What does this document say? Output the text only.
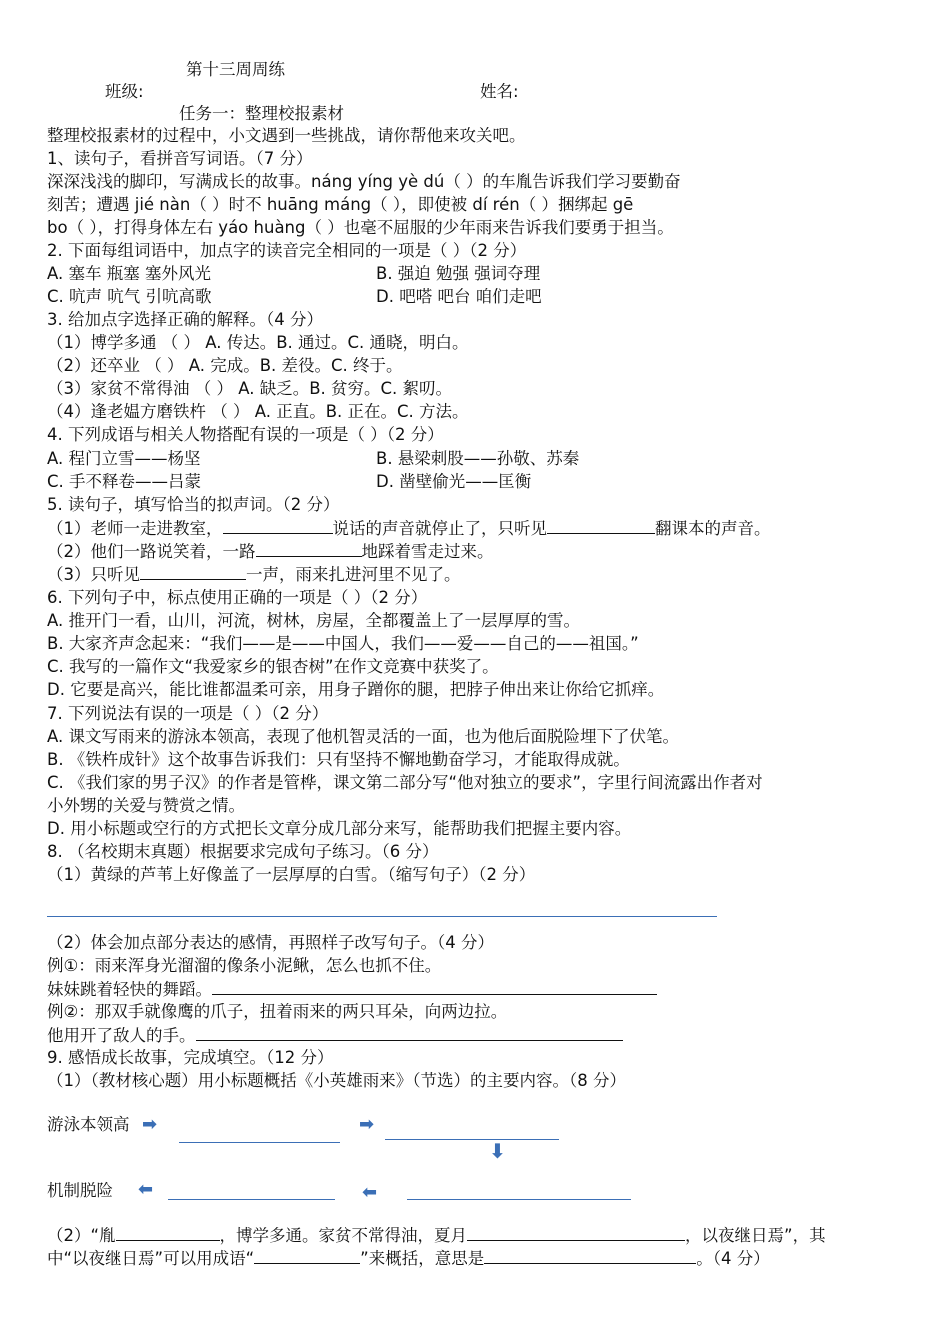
第十三周周练
班级:	姓名:
任务一：整理校报素材
整理校报素材的过程中，小文遇到一些挑战，请你帮他来攻关吧。
1、读句子，看拼音写词语。（7 分）
深深浅浅的脚印，写满成长的故事。náng yíng yè dú（ ）的车胤告诉我们学习要勤奋
刻苦；遭遇 jié nàn（ ）时不 huāng máng（ ），即使被 dí rén（ ）捆绑起 gē
bo（ ），打得身体左右 yáo huàng（ ）也毫不屈服的少年雨来告诉我们要勇于担当。
2. 下面每组词语中，加点字的读音完全相同的一项是（ ）（2 分）
A. 塞车 瓶塞 塞外风光	B. 强迫 勉强 强词夺理
C. 吭声 吭气 引吭高歌	D. 吧嗒 吧台 咱们走吧
3. 给加点字选择正确的解释。（4 分）
（1）博学多通 （ ） A. 传达。B. 通过。C. 通晓，明白。
（2）还卒业 （ ） A. 完成。B. 差役。C. 终于。
（3）家贫不常得油 （ ） A. 缺乏。B. 贫穷。C. 絮叨。
（4）逢老媪方磨铁杵 （ ） A. 正直。B. 正在。C. 方法。
4. 下列成语与相关人物搭配有误的一项是（ ）（2 分）
A. 程门立雪——杨坚	B. 悬梁刺股——孙敬、苏秦
C. 手不释卷——吕蒙	D. 凿壁偷光——匡衡
5. 读句子，填写恰当的拟声词。（2 分）
（1）老师一走进教室，	说话的声音就停止了，只听见	翻课本的声音。
（2）他们一路说笑着，一路	地踩着雪走过来。
（3）只听见	一声，雨来扎进河里不见了。
6. 下列句子中，标点使用正确的一项是（ ）（2 分）
A. 推开门一看，山川，河流，树林，房屋，全都覆盖上了一层厚厚的雪。
B. 大家齐声念起来：“我们——是——中国人，我们——爱——自己的——祖国。”
C. 我写的一篇作文“我爱家乡的银杏树”在作文竞赛中获奖了。
D. 它要是高兴，能比谁都温柔可亲，用身子蹭你的腿，把脖子伸出来让你给它抓痒。
7. 下列说法有误的一项是（ ）（2 分）
A. 课文写雨来的游泳本领高，表现了他机智灵活的一面，也为他后面脱险埋下了伏笔。
B. 《铁杵成针》这个故事告诉我们：只有坚持不懈地勤奋学习，才能取得成就。
C. 《我们家的男子汉》的作者是管桦，课文第二部分写“他对独立的要求”，字里行间流露出作者对
小外甥的关爱与赞赏之情。
D. 用小标题或空行的方式把长文章分成几部分来写，能帮助我们把握主要内容。
8. （名校期末真题）根据要求完成句子练习。（6 分）
（1）黄绿的芦苇上好像盖了一层厚厚的白雪。（缩写句子）（2 分）
（2）体会加点部分表达的感情，再照样子改写句子。（4 分）
例①：雨来浑身光溜溜的像条小泥鳅，怎么也抓不住。
妹妹跳着轻快的舞蹈。
例②：那双手就像鹰的爪子，扭着雨来的两只耳朵，向两边拉。
他用开了敌人的手。
9. 感悟成长故事，完成填空。（12 分）
（1）（教材核心题）用小标题概括《小英雄雨来》（节选）的主要内容。（8 分）
游泳本领高 ➡	➡
⬇
机制脱险 ⬅	⬅
（2）“胤	，博学多通。家贫不常得油，夏月	，以夜继日焉”，其
中“以夜继日焉”可以用成语“	”来概括，意思是	。（4 分）
